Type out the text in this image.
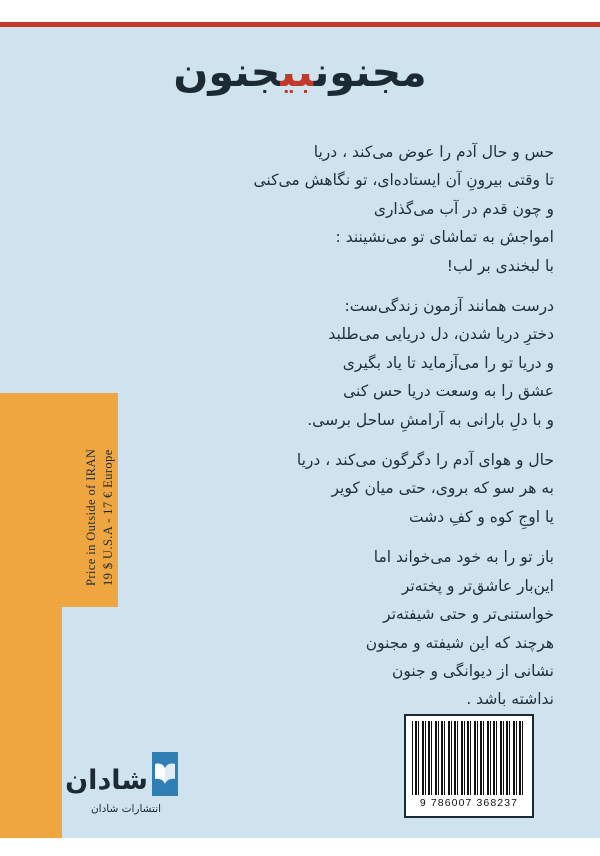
مجنونبیجنون

حس و حال آدم را عوض می‌کند ، دریا

تا وقتی بیرونِ آن ایستاده‌ای، تو نگاهش می‌کنی

و چون قدم در آب می‌گذاری

امواجش به تماشای تو می‌نشینند :

با لبخندی بر لب!

درست همانند آزمون زندگی‌ست:

دخترِ دریا شدن، دل دریایی می‌طلبد

و دریا تو را می‌آزماید تا یاد بگیری

عشق را به وسعت دریا حس کنی

و با دلِ بارانی به آرامشِ ساحل برسی.

حال و هوای آدم را دگرگون می‌کند ، دریا

به هر سو که بروی، حتی میان کویر

یا اوجِ کوه و کفِ دشت

باز تو را به خود می‌خواند اما

این‌بار عاشق‌تر و پخته‌تر

خواستنی‌تر و حتی شیفته‌تر

هرچند که این شیفته و مجنون

نشانی از دیوانگی و جنون

نداشته باشد .

Price in Outside of IRAN 19 $ U.S.A - 17 € Europe
شادان
انتشارات شادان	9 786007 368237
